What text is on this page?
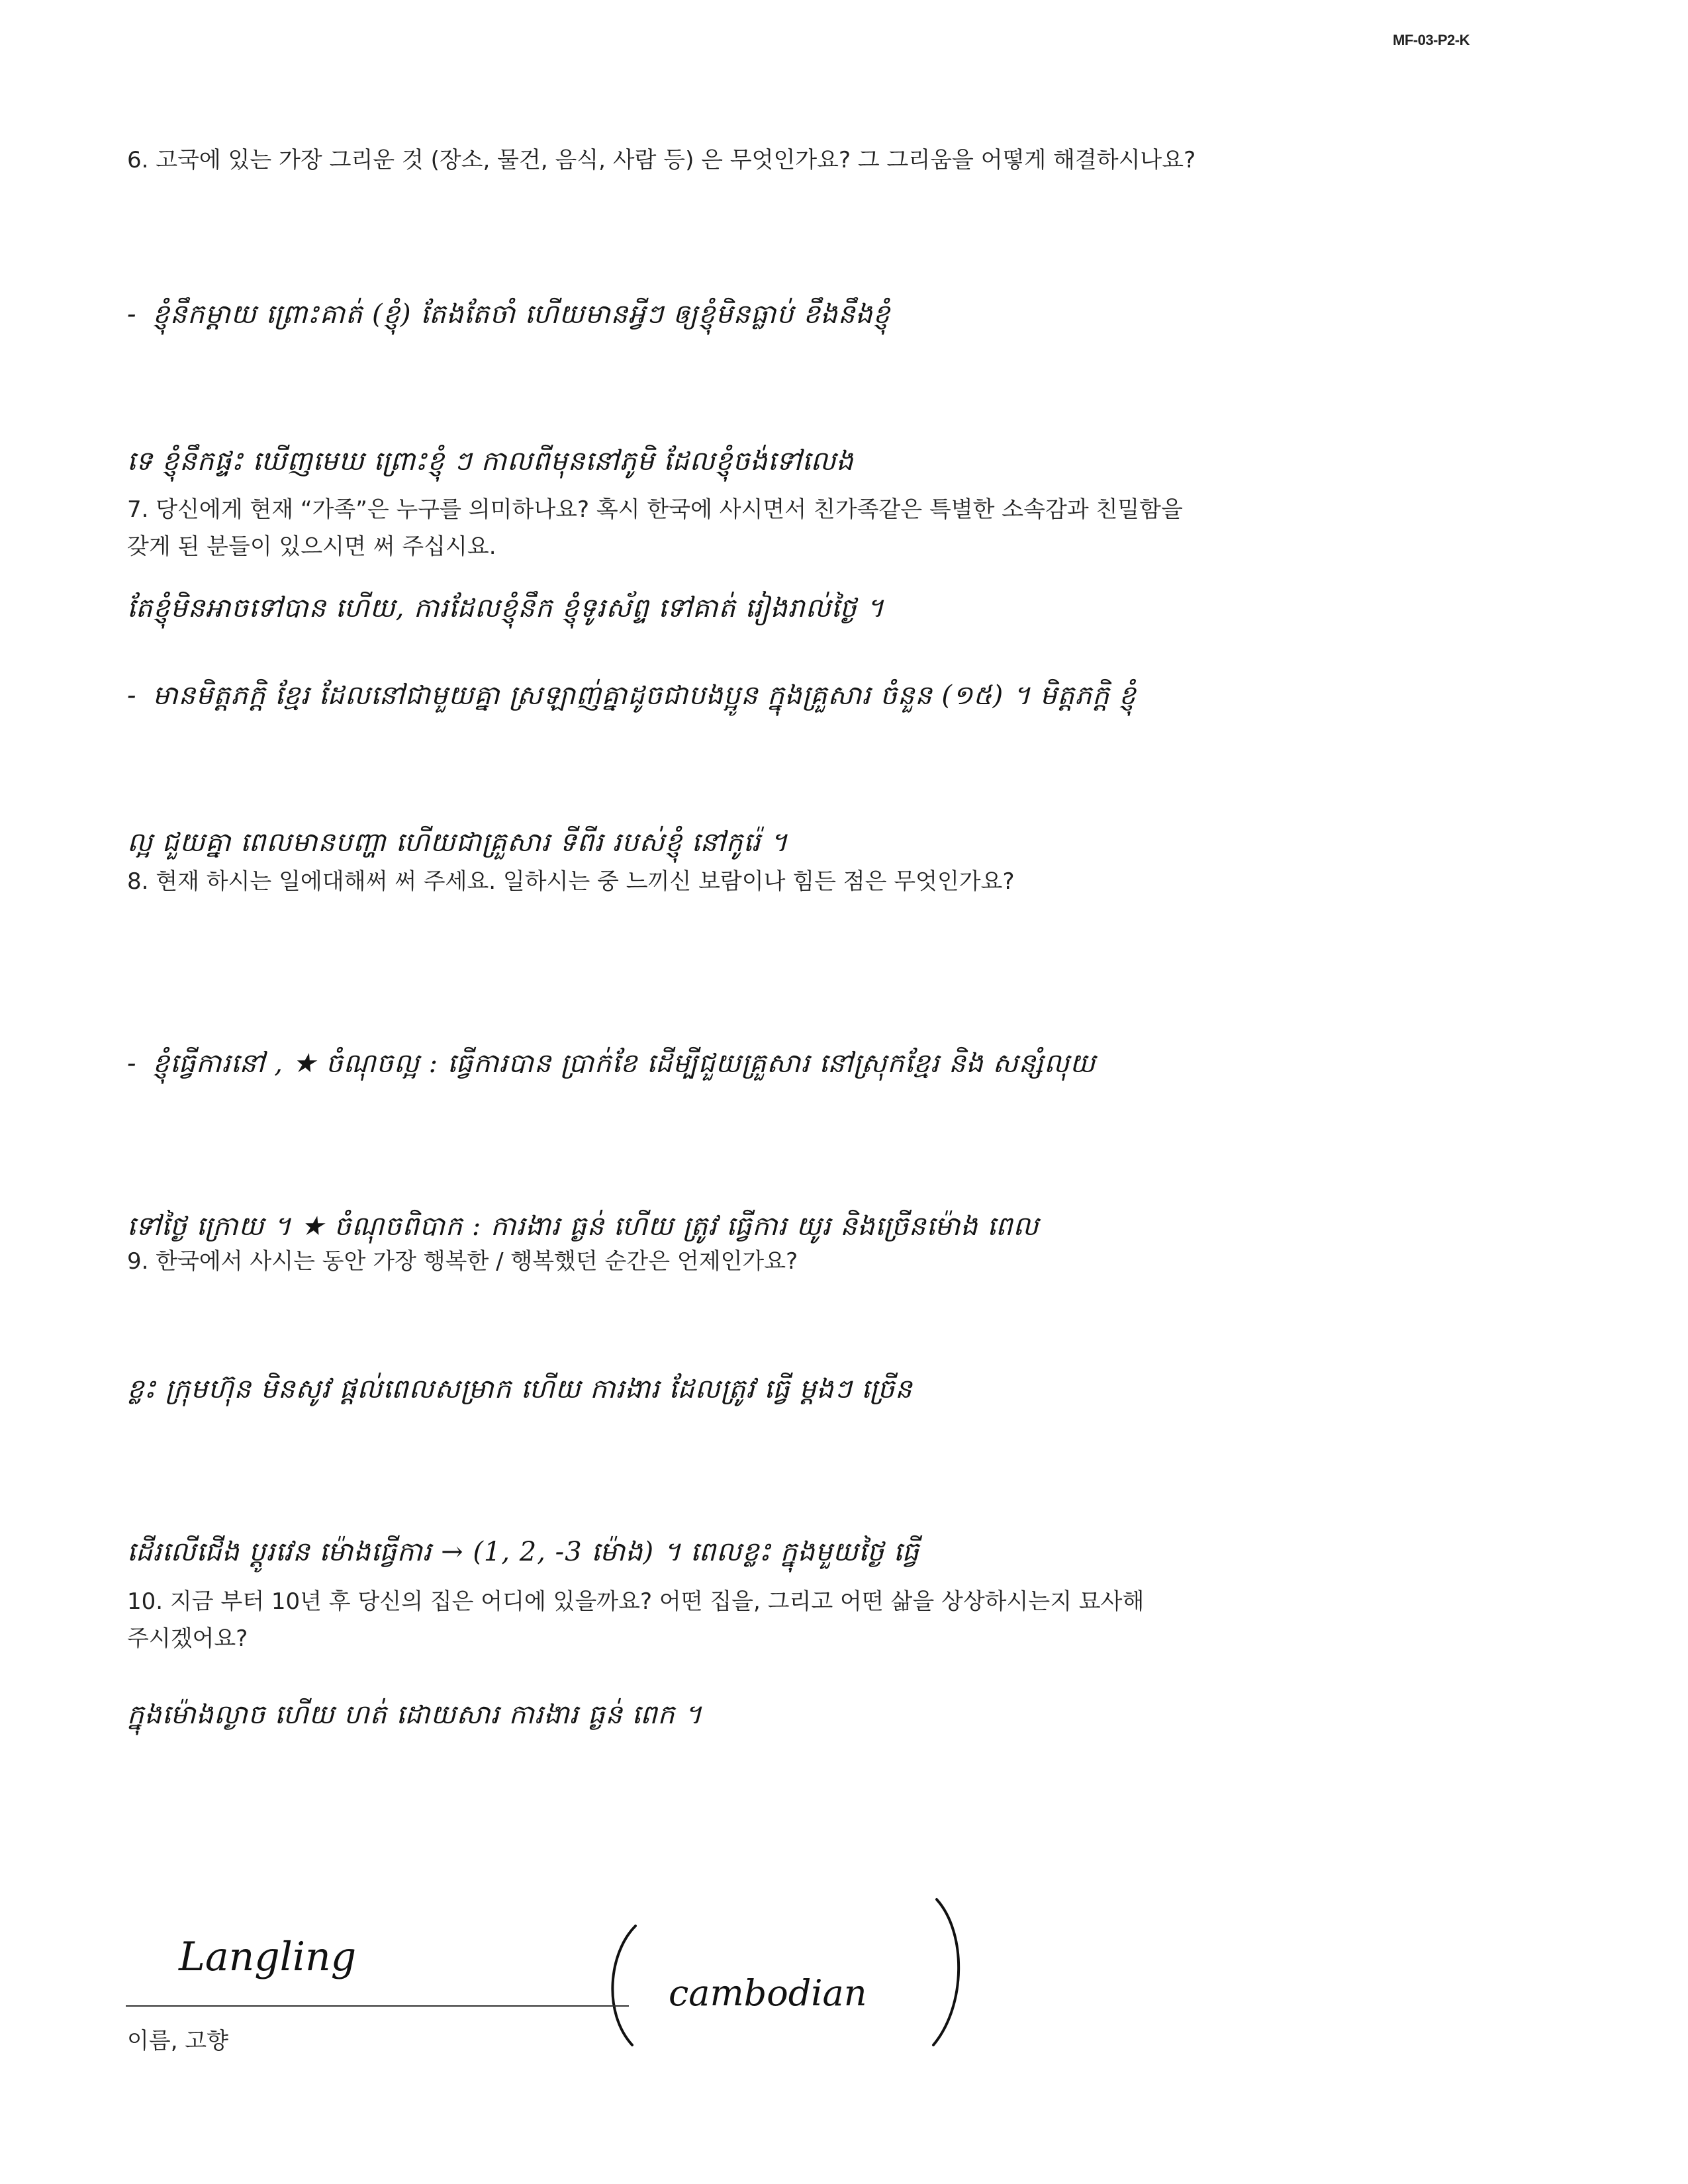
MF-03-P2-K
6. 고국에 있는 가장 그리운 것 (장소, 물건, 음식, 사람 등) 은 무엇인가요? 그 그리움을 어떻게 해결하시나요?

- ខ្ញុំនឹកម្ដាយ ព្រោះគាត់ (ខ្ញុំ) តែងតែចាំ ហើយមានអ្វីៗ ឲ្យខ្ញុំមិនធ្លាប់ ខឹងនឹងខ្ញុំ

ទេ ខ្ញុំនឹកផ្ទះ ឃើញមេឃ ព្រោះខ្ញុំ ៗ កាលពីមុននៅភូមិ ដែលខ្ញុំចង់ទៅលេង

តែខ្ញុំមិនអាចទៅបាន ហើយ, ការដែលខ្ញុំនឹក ខ្ញុំទូរស័ព្ទ ទៅគាត់ រៀងរាល់ថ្ងៃ ។

7. 당신에게 현재 “가족”은 누구를 의미하나요? 혹시 한국에 사시면서 친가족같은 특별한 소속감과 친밀함을
갖게 된 분들이 있으시면 써 주십시요.

- មានមិត្តភក្តិ ខ្មែរ ដែលនៅជាមួយគ្នា ស្រឡាញ់គ្នាដូចជាបងប្អូន ក្នុងគ្រួសារ ចំនួន (១៥) ។ មិត្តភក្តិ ខ្ញុំ

ល្អ ជួយគ្នា ពេលមានបញ្ហា ហើយជាគ្រួសារ ទីពីរ របស់ខ្ញុំ នៅកូរ៉េ ។

8. 현재 하시는 일에대해써 써 주세요. 일하시는 중 느끼신 보람이나 힘든 점은 무엇인가요?

- ខ្ញុំធ្វើការនៅ , ★ ចំណុចល្អ : ធ្វើការបាន ប្រាក់ខែ ដើម្បីជួយគ្រួសារ នៅស្រុកខ្មែរ និង សន្សំលុយ

ទៅថ្ងៃ ក្រោយ ។ ★ ចំណុចពិបាក : ការងារ ធ្ងន់ ហើយ ត្រូវ ធ្វើការ យូរ និងច្រើនម៉ោង ពេល

ខ្លះ ក្រុមហ៊ុន មិនសូវ ផ្ដល់ពេលសម្រាក ហើយ ការងារ ដែលត្រូវ ធ្វើ ម្ដងៗ ច្រើន

ដើរលើជើង ប្ដូរវេន ម៉ោងធ្វើការ → (1, 2, -3 ម៉ោង) ។ ពេលខ្លះ ក្នុងមួយថ្ងៃ ធ្វើ

ក្នុងម៉ោងល្ងាច ហើយ ហត់ ដោយសារ ការងារ ធ្ងន់ ពេក ។

9. 한국에서 사시는 동안 가장 행복한 / 행복했던 순간은 언제인가요?
10. 지금 부터 10년 후 당신의 집은 어디에 있을까요? 어떤 집을, 그리고 어떤 삶을 상상하시는지 묘사해
주시겠어요?
Langling
cambodian
이름, 고향
